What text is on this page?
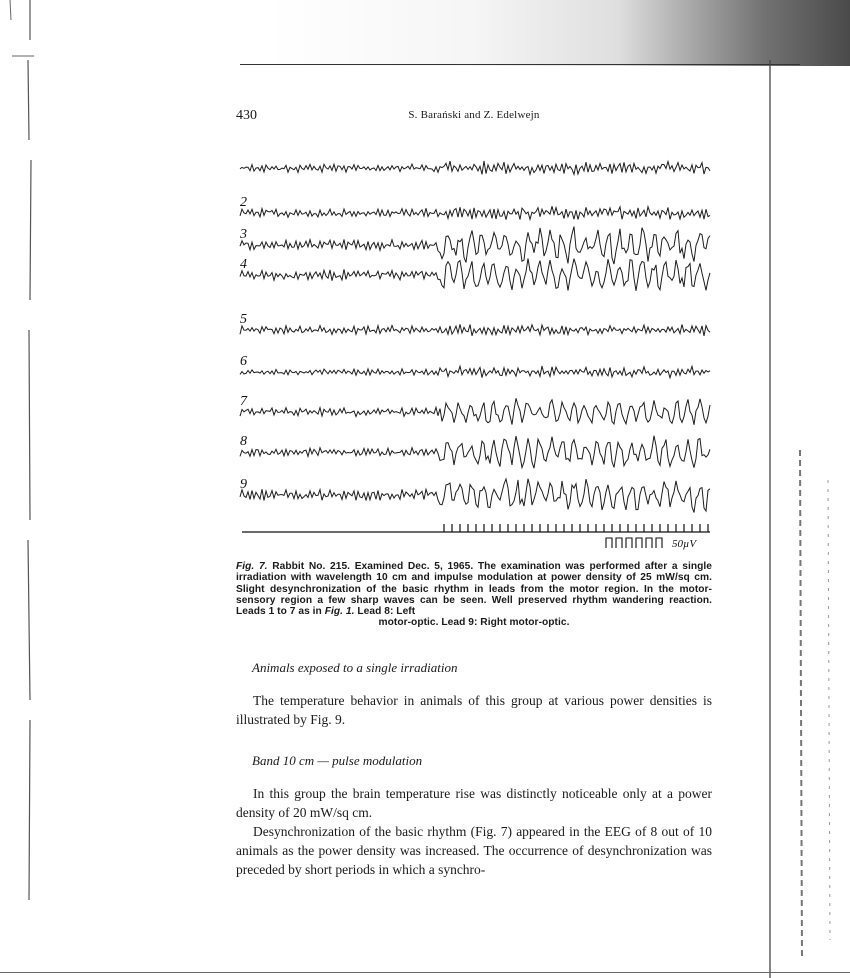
430	S. Barański and Z. Edelwejn
2
3
4
5
6
7
8
9
50µV
Fig. 7. Rabbit No. 215. Examined Dec. 5, 1965. The examination was performed after a single irradiation with wavelength 10 cm and impulse modulation at power density of 25 mW/sq cm. Slight desynchronization of the basic rhythm in leads from the motor region. In the motor-sensory region a few sharp waves can be seen. Well preserved rhythm wandering reaction. Leads 1 to 7 as in Fig. 1. Lead 8: Left
motor-optic. Lead 9: Right motor-optic.
Animals exposed to a single irradiation
The temperature behavior in animals of this group at various power densities is illustrated by Fig. 9.
Band 10 cm — pulse modulation
In this group the brain temperature rise was distinctly noticeable only at a power density of 20 mW/sq cm.
Desynchronization of the basic rhythm (Fig. 7) appeared in the EEG of 8 out of 10 animals as the power density was increased. The occurrence of desynchronization was preceded by short periods in which a synchro-
